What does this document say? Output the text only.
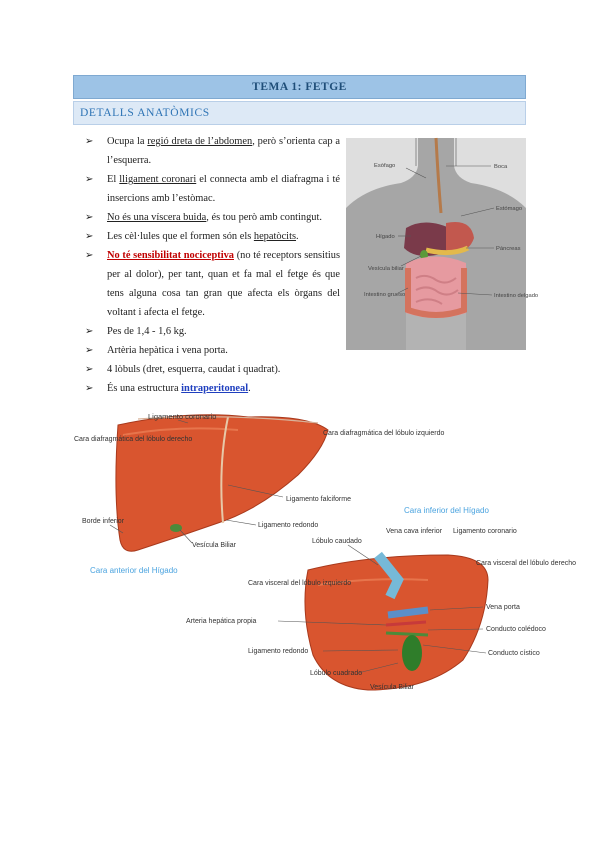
TEMA 1: FETGE
DETALLS ANATÒMICS
➢ Ocupa la regió dreta de l’abdomen, però s’orienta cap a l’esquerra.
➢ El lligament coronari el connecta amb el diafragma i té insercions amb l’estòmac.
➢ No és una víscera buida, és tou però amb contingut.
➢ Les cèl·lules que el formen són els hepatòcits.
➢ No té sensibilitat nociceptiva (no té receptors sensitius per al dolor), per tant, quan et fa mal el fetge és que tens alguna cosa tan gran que afecta els òrgans del voltant i afecta el fetge.
➢ Pes de 1,4 - 1,6 kg.
➢ Artèria hepàtica i vena porta.
➢ 4 lòbuls (dret, esquerra, caudat i quadrat).
➢ És una estructura intraperitoneal.
Esòfago	Boca
Estómago
Hígado
Páncreas
Vesícula biliar
Intestino grueso	Intestino delgado
Ligamento coronario
Cara diafragmática del lóbulo derecho
Cara diafragmática del lóbulo izquierdo
Ligamento falciforme
Ligamento redondo
Borde inferior
Vesícula Biliar
Cara anterior del Hígado
Cara inferior del Hígado
Vena cava inferior
Lóbulo caudado
Ligamento coronario
Cara visceral del lóbulo derecho
Cara visceral del lóbulo izquierdo
Vena porta
Arteria hepática propia
Conducto colédoco
Conducto cístico
Ligamento redondo
Lóbulo cuadrado
Vesícula Biliar
